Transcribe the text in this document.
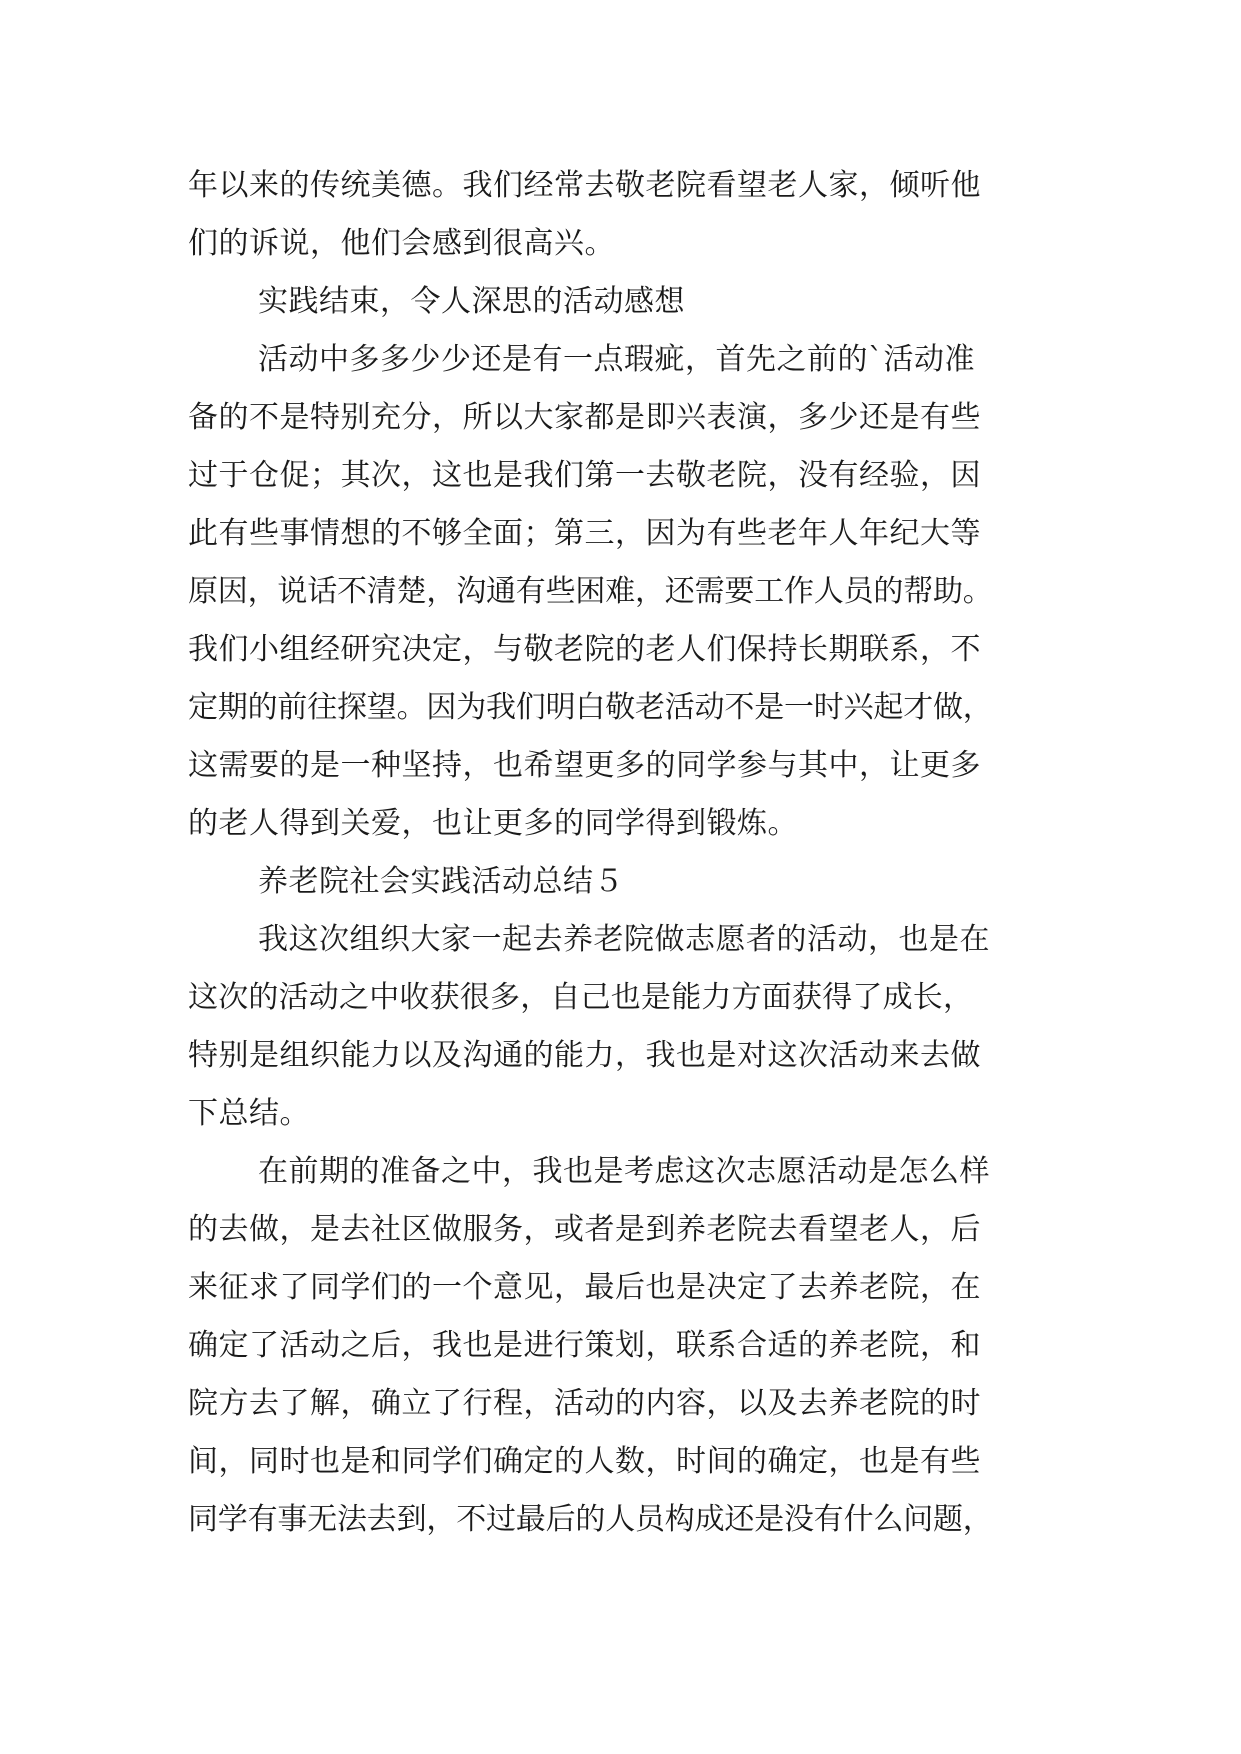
年以来的传统美德。我们经常去敬老院看望老人家，倾听他
们的诉说，他们会感到很高兴。
实践结束，令人深思的活动感想
活动中多多少少还是有一点瑕疵，首先之前的`活动准
备的不是特别充分，所以大家都是即兴表演，多少还是有些
过于仓促；其次，这也是我们第一去敬老院，没有经验，因
此有些事情想的不够全面；第三，因为有些老年人年纪大等
原因，说话不清楚，沟通有些困难，还需要工作人员的帮助。
我们小组经研究决定，与敬老院的老人们保持长期联系，不
定期的前往探望。因为我们明白敬老活动不是一时兴起才做，
这需要的是一种坚持，也希望更多的同学参与其中，让更多
的老人得到关爱，也让更多的同学得到锻炼。
养老院社会实践活动总结５
我这次组织大家一起去养老院做志愿者的活动，也是在
这次的活动之中收获很多，自己也是能力方面获得了成长，
特别是组织能力以及沟通的能力，我也是对这次活动来去做
下总结。
在前期的准备之中，我也是考虑这次志愿活动是怎么样
的去做，是去社区做服务，或者是到养老院去看望老人，后
来征求了同学们的一个意见，最后也是决定了去养老院，在
确定了活动之后，我也是进行策划，联系合适的养老院，和
院方去了解，确立了行程，活动的内容，以及去养老院的时
间，同时也是和同学们确定的人数，时间的确定，也是有些
同学有事无法去到，不过最后的人员构成还是没有什么问题，
